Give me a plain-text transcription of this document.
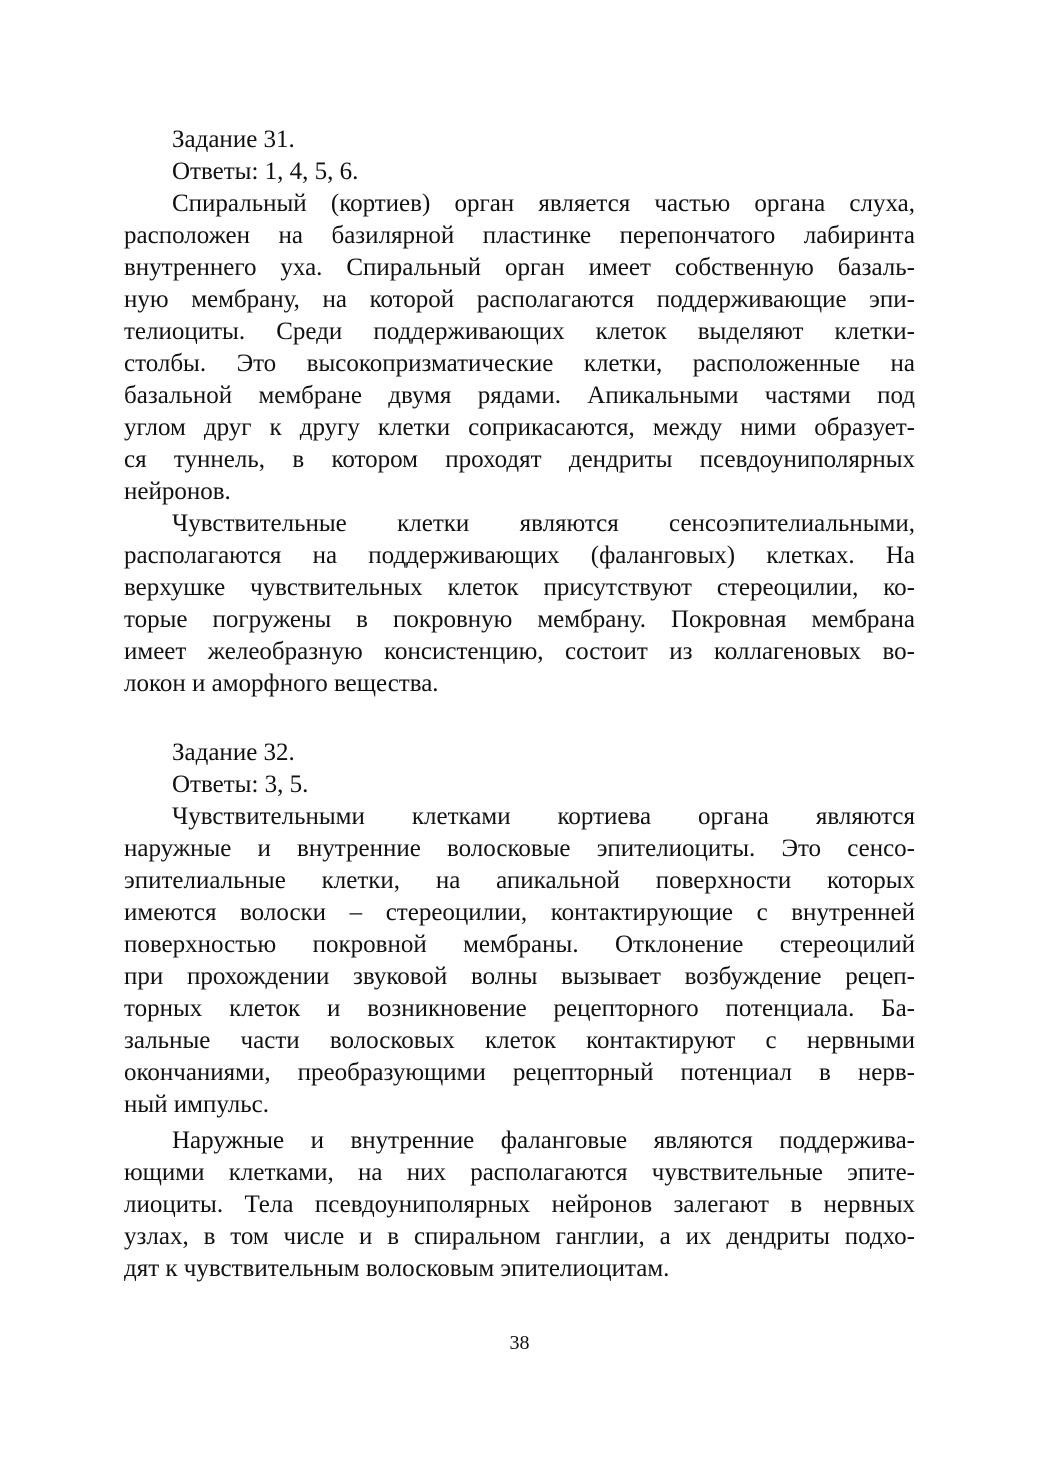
Задание 31.
Ответы: 1, 4, 5, 6.
Спиральный (кортиев) орган является частью органа слуха,
расположен на базилярной пластинке перепончатого лабиринта
внутреннего уха. Спиральный орган имеет собственную базаль-
ную мембрану, на которой располагаются поддерживающие эпи-
телиоциты. Среди поддерживающих клеток выделяют клетки-
столбы. Это высокопризматические клетки, расположенные на
базальной мембране двумя рядами. Апикальными частями под
углом друг к другу клетки соприкасаются, между ними образует-
ся туннель, в котором проходят дендриты псевдоуниполярных
нейронов.
Чувствительные клетки являются сенсоэпителиальными,
располагаются на поддерживающих (фаланговых) клетках. На
верхушке чувствительных клеток присутствуют стереоцилии, ко-
торые погружены в покровную мембрану. Покровная мембрана
имеет желеобразную консистенцию, состоит из коллагеновых во-
локон и аморфного вещества.
Задание 32.
Ответы: 3, 5.
Чувствительными клетками кортиева органа являются
наружные и внутренние волосковые эпителиоциты. Это сенсо-
эпителиальные клетки, на апикальной поверхности которых
имеются волоски – стереоцилии, контактирующие с внутренней
поверхностью покровной мембраны. Отклонение стереоцилий
при прохождении звуковой волны вызывает возбуждение рецеп-
торных клеток и возникновение рецепторного потенциала. Ба-
зальные части волосковых клеток контактируют с нервными
окончаниями, преобразующими рецепторный потенциал в нерв-
ный импульс.
Наружные и внутренние фаланговые являются поддержива-
ющими клетками, на них располагаются чувствительные эпите-
лиоциты. Тела псевдоуниполярных нейронов залегают в нервных
узлах, в том числе и в спиральном ганглии, а их дендриты подхо-
дят к чувствительным волосковым эпителиоцитам.
38
